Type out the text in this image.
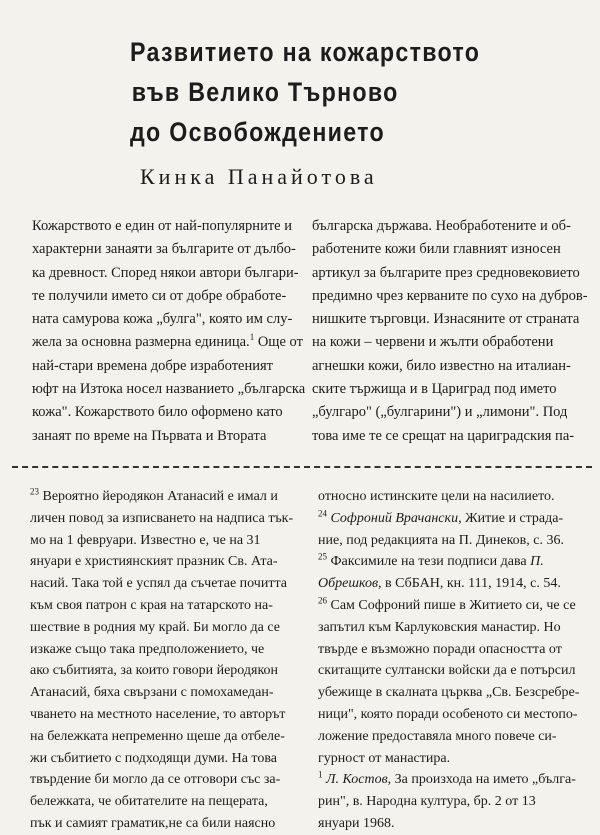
Развитието на кожарството
във Велико Търново
до Освобождението
Кинка Панайотова
Кожарството е един от най-популярните и
характерни занаяти за българите от дълбо-
ка древност. Според някои автори българи-
те получили името си от добре обработе-
ната самурова кожа „булга", която им слу-
жела за основна размерна единица.$^1$ Още от
най-стари времена добре изработеният
юфт на Изтока носел названието „българска
кожа". Кожарството било оформено като
занаят по време на Първата и Втората
българска държава. Необработените и об-
работените кожи били главният износен
артикул за българите през средновековието
предимно чрез керваните по сухо на дубров-
нишките търговци. Изнасяните от страната
на кожи – червени и жълти обработени
агнешки кожи, било известно на италиан-
ските тържища и в Цариград под името
„булгаро" („булгарини") и „лимони". Под
това име те се срещат на цариградския па-
$^{23}$ Вероятно йеродякон Атанасий е имал и
личен повод за изписването на надписа тък-
мо на 1 февруари. Известно е, че на 31
януари е християнският празник Св. Ата-
насий. Така той е успял да съчетае почитта
към своя патрон с края на татарското на-
шествие в родния му край. Би могло да се
изкаже също така предположението, че
ако събитията, за които говори йеродякон
Атанасий, бяха свързани с помохамедан-
чването на местното население, то авторът
на бележката непременно щеше да отбеле-
жи събитието с подходящи думи. На това
твърдение би могло да се отговори със за-
бележката, че обитателите на пещерата,
пък и самият граматик,не са били наясно
относно истинските цели на насилието.
$^{24}$ Софроний Врачански, Житие и страда-
ние, под редакцията на П. Динеков, с. 36.
$^{25}$ Факсимиле на тези подписи дава П.
Обрешков, в СбБАН, кн. 111, 1914, с. 54.
$^{26}$ Сам Софроний пише в Житието си, че се
запътил към Карлуковския манастир. Но
твърде е възможно поради опасността от
скитащите султански войски да е потърсил
убежище в скалната църква „Св. Безсребре-
ници", която поради особеното си местопо-
ложение предоставяла много повече си-
гурност от манастира.
$^1$ Л. Костов, За произхода на името „бълга-
рин", в. Народна култура, бр. 2 от 13
януари 1968.
